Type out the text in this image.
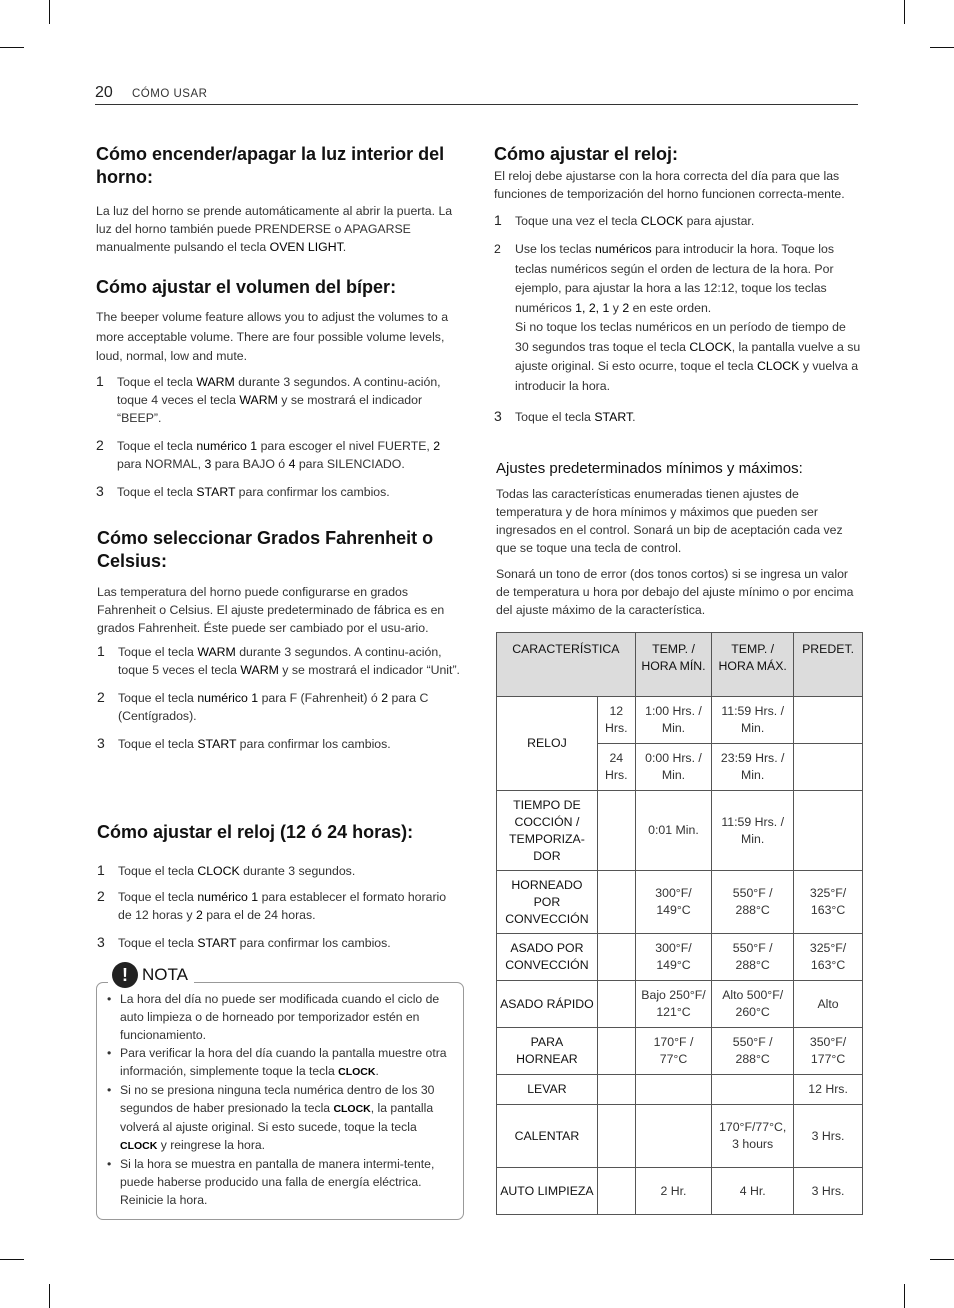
20 CÓMO USAR
Cómo encender/apagar la luz interior del horno:

La luz del horno se prende automáticamente al abrir la puerta. La luz del horno también puede PRENDERSE o APAGARSE manualmente pulsando el tecla OVEN LIGHT.

Cómo ajustar el volumen del bíper:

The beeper volume feature allows you to adjust the volumes to a more acceptable volume. There are four possible volume levels, loud, normal, low and mute.

1 Toque el tecla WARM durante 3 segundos. A continu-ación, toque 4 veces el tecla WARM y se mostrará el indicador “BEEP”.
2 Toque el tecla numérico 1 para escoger el nivel FUERTE, 2 para NORMAL, 3 para BAJO ó 4 para SILENCIADO.
3 Toque el tecla START para confirmar los cambios.
Cómo seleccionar Grados Fahrenheit o Celsius:

Las temperatura del horno puede configurarse en grados Fahrenheit o Celsius. El ajuste predeterminado de fábrica es en grados Fahrenheit. Éste puede ser cambiado por el usu-ario.

1 Toque el tecla WARM durante 3 segundos. A continu-ación, toque 5 veces el tecla WARM y se mostrará el indicador “Unit”.
2 Toque el tecla numérico 1 para F (Fahrenheit) ó 2 para C (Centígrados).
3 Toque el tecla START para confirmar los cambios.
Cómo ajustar el reloj (12 ó 24 horas):
1 Toque el tecla CLOCK durante 3 segundos.
2 Toque el tecla numérico 1 para establecer el formato horario de 12 horas y 2 para el de 24 horas.
3 Toque el tecla START para confirmar los cambios.
! NOTA
• La hora del día no puede ser modificada cuando el ciclo de auto limpieza o de horneado por temporizador estén en funcionamiento.
• Para verificar la hora del día cuando la pantalla muestre otra información, simplemente toque la tecla CLOCK.
• Si no se presiona ninguna tecla numérica dentro de los 30 segundos de haber presionado la tecla CLOCK, la pantalla volverá al ajuste original. Si esto sucede, toque la tecla CLOCK y reingrese la hora.
• Si la hora se muestra en pantalla de manera intermi-tente, puede haberse producido una falla de energía eléctrica. Reinicie la hora.
Cómo ajustar el reloj:

El reloj debe ajustarse con la hora correcta del día para que las funciones de temporización del horno funcionen correcta-mente.

1 Toque una vez el tecla CLOCK para ajustar.
2 Use los teclas numéricos para introducir la hora. Toque los teclas numéricos según el orden de lectura de la hora. Por ejemplo, para ajustar la hora a las 12:12, toque los teclas numéricos 1, 2, 1 y 2 en este orden.
Si no toque los teclas numéricos en un período de tiempo de 30 segundos tras toque el tecla CLOCK, la pantalla vuelve a su ajuste original. Si esto ocurre, toque el tecla CLOCK y vuelva a introducir la hora.
3 Toque el tecla START.
Ajustes predeterminados mínimos y máximos:

Todas las características enumeradas tienen ajustes de temperatura y de hora mínimos y máximos que pueden ser ingresados en el control. Sonará un bip de aceptación cada vez que se toque una tecla de control.

Sonará un tono de error (dos tonos cortos) si se ingresa un valor de temperatura u hora por debajo del ajuste mínimo o por encima del ajuste máximo de la característica.

CARACTERÍSTICA		TEMP. / HORA MÍN.	TEMP. / HORA MÁX.	PREDET.
RELOJ	12 Hrs.	1:00 Hrs. / Min.	11:59 Hrs. / Min.	
	24 Hrs.	0:00 Hrs. / Min.	23:59 Hrs. / Min.	
TIEMPO DE COCCIÓN / TEMPORIZA-DOR		0:01 Min.	11:59 Hrs. / Min.	
HORNEADO POR CONVECCIÓN		300°F/ 149°C	550°F / 288°C	325°F/ 163°C
ASADO POR CONVECCIÓN		300°F/ 149°C	550°F / 288°C	325°F/ 163°C
ASADO RÁPIDO		Bajo 250°F/ 121°C	Alto 500°F/ 260°C	Alto
PARA HORNEAR		170°F / 77°C	550°F / 288°C	350°F/ 177°C
LEVAR				12 Hrs.
CALENTAR			170°F/77°C, 3 hours	3 Hrs.
AUTO LIMPIEZA		2 Hr.	4 Hr.	3 Hrs.
